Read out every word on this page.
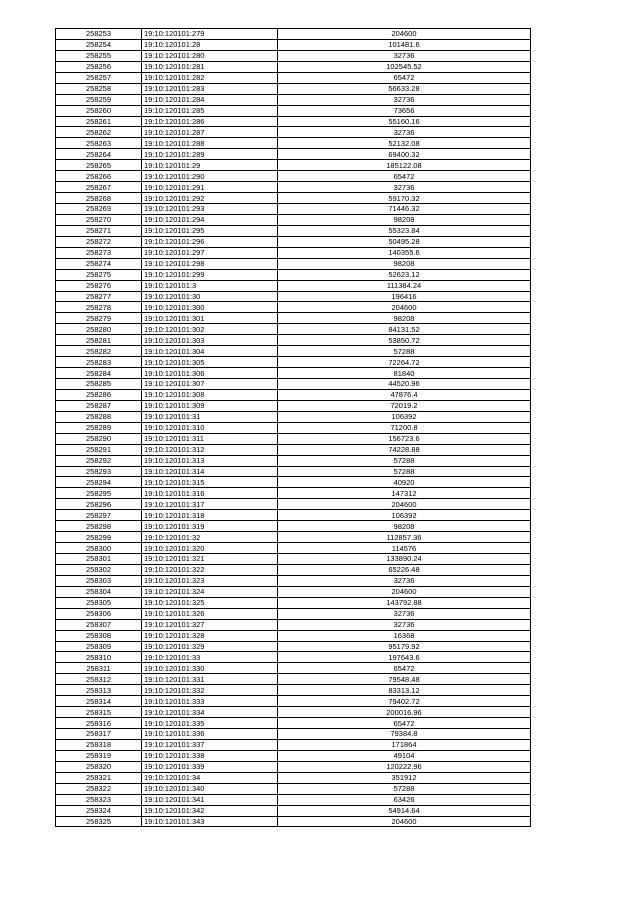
258253	19:10:120101:279	204600
258254	19:10:120101:28	101481.6
258255	19:10:120101:280	32736
258256	19:10:120101:281	102545.52
258257	19:10:120101:282	65472
258258	19:10:120101:283	56633.28
258259	19:10:120101:284	32736
258260	19:10:120101:285	73656
258261	19:10:120101:286	55160.16
258262	19:10:120101:287	32736
258263	19:10:120101:288	52132.08
258264	19:10:120101:289	69400.32
258265	19:10:120101:29	185122.08
258266	19:10:120101:290	65472
258267	19:10:120101:291	32736
258268	19:10:120101:292	59170.32
258269	19:10:120101:293	71446.32
258270	19:10:120101:294	98208
258271	19:10:120101:295	55323.84
258272	19:10:120101:296	50495.28
258273	19:10:120101:297	140355.6
258274	19:10:120101:298	98208
258275	19:10:120101:299	52623.12
258276	19:10:120101:3	111384.24
258277	19:10:120101:30	196416
258278	19:10:120101:300	204600
258279	19:10:120101:301	98208
258280	19:10:120101:302	84131.52
258281	19:10:120101:303	53850.72
258282	19:10:120101:304	57288
258283	19:10:120101:305	72264.72
258284	19:10:120101:306	81840
258285	19:10:120101:307	44520.96
258286	19:10:120101:308	47876.4
258287	19:10:120101:309	72019.2
258288	19:10:120101:31	106392
258289	19:10:120101:310	71200.8
258290	19:10:120101:311	156723.6
258291	19:10:120101:312	74228.88
258292	19:10:120101:313	57288
258293	19:10:120101:314	57288
258294	19:10:120101:315	40920
258295	19:10:120101:316	147312
258296	19:10:120101:317	204600
258297	19:10:120101:318	106392
258298	19:10:120101:319	98208
258299	19:10:120101:32	112857.36
258300	19:10:120101:320	114576
258301	19:10:120101:321	133890.24
258302	19:10:120101:322	65226.48
258303	19:10:120101:323	32736
258304	19:10:120101:324	204600
258305	19:10:120101:325	143792.88
258306	19:10:120101:326	32736
258307	19:10:120101:327	32736
258308	19:10:120101:328	16368
258309	19:10:120101:329	95179.92
258310	19:10:120101:33	197643.6
258311	19:10:120101:330	65472
258312	19:10:120101:331	79548.48
258313	19:10:120101:332	83313.12
258314	19:10:120101:333	79402.72
258315	19:10:120101:334	200016.96
258316	19:10:120101:335	65472
258317	19:10:120101:336	79384.8
258318	19:10:120101:337	171864
258319	19:10:120101:338	49104
258320	19:10:120101:339	120222.96
258321	19:10:120101:34	351912
258322	19:10:120101:340	57288
258323	19:10:120101:341	63426
258324	19:10:120101:342	54914.64
258325	19:10:120101:343	204600
